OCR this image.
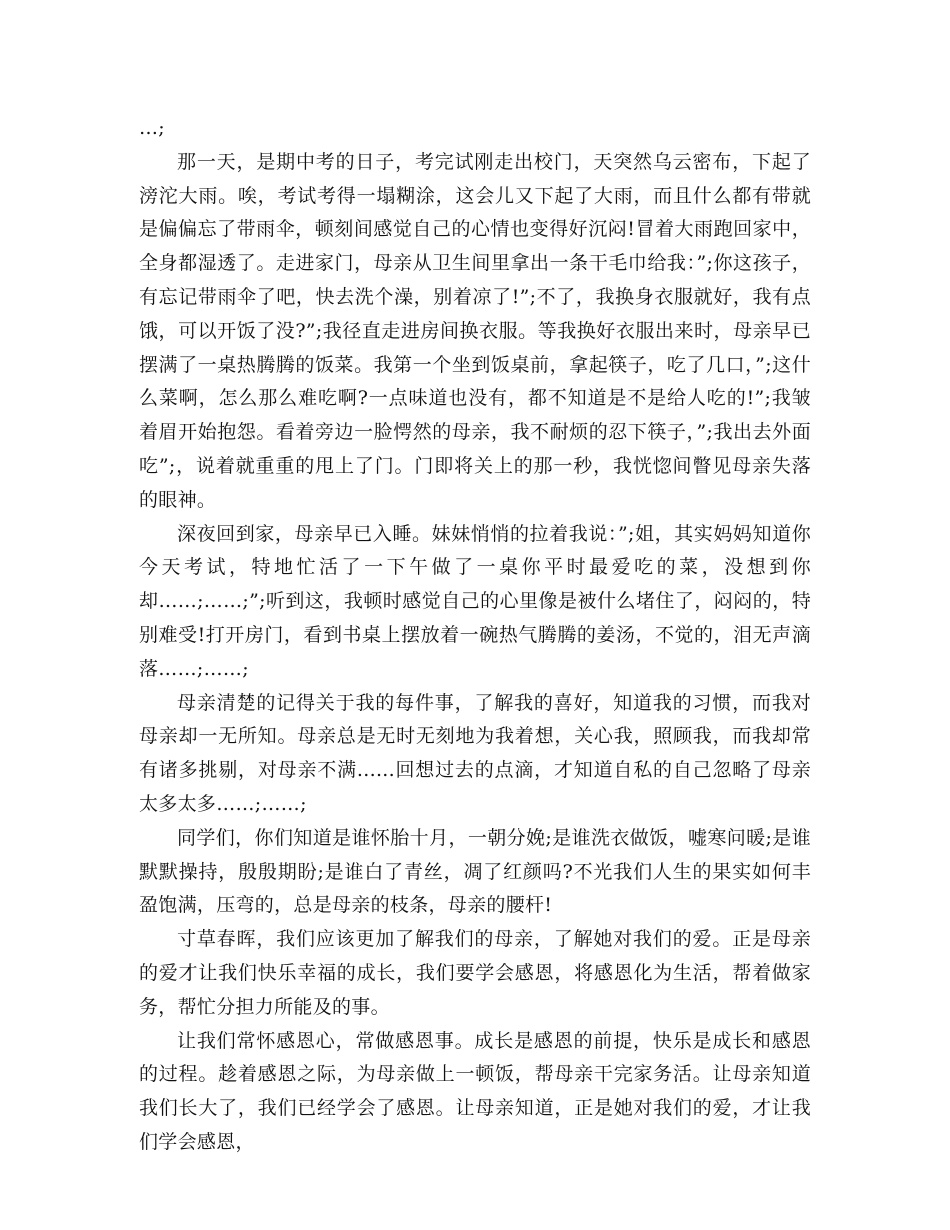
…;

那一天，是期中考的日子，考完试刚走出校门，天突然乌云密布，下起了滂沱大雨。唉，考试考得一塌糊涂，这会儿又下起了大雨，而且什么都有带就是偏偏忘了带雨伞，顿刻间感觉自己的心情也变得好沉闷!冒着大雨跑回家中，全身都湿透了。走进家门，母亲从卫生间里拿出一条干毛巾给我：”;你这孩子，有忘记带雨伞了吧，快去洗个澡，别着凉了!”;不了，我换身衣服就好，我有点饿，可以开饭了没?”;我径直走进房间换衣服。等我换好衣服出来时，母亲早已摆满了一桌热腾腾的饭菜。我第一个坐到饭桌前，拿起筷子，吃了几口，”;这什么菜啊，怎么那么难吃啊?一点味道也没有，都不知道是不是给人吃的!”;我皱着眉开始抱怨。看着旁边一脸愕然的母亲，我不耐烦的忍下筷子，”;我出去外面吃”;，说着就重重的甩上了门。门即将关上的那一秒，我恍惚间瞥见母亲失落的眼神。

深夜回到家，母亲早已入睡。妹妹悄悄的拉着我说：”;姐，其实妈妈知道你今天考试，特地忙活了一下午做了一桌你平时最爱吃的菜，没想到你却……;……;”;听到这，我顿时感觉自己的心里像是被什么堵住了，闷闷的，特别难受!打开房门，看到书桌上摆放着一碗热气腾腾的姜汤，不觉的，泪无声滴落……;……;

母亲清楚的记得关于我的每件事，了解我的喜好，知道我的习惯，而我对母亲却一无所知。母亲总是无时无刻地为我着想，关心我，照顾我，而我却常有诸多挑剔，对母亲不满......回想过去的点滴，才知道自私的自己忽略了母亲太多太多……;……;

同学们，你们知道是谁怀胎十月，一朝分娩;是谁洗衣做饭，嘘寒问暖;是谁默默操持，殷殷期盼;是谁白了青丝，凋了红颜吗?不光我们人生的果实如何丰盈饱满，压弯的，总是母亲的枝条，母亲的腰杆!

寸草春晖，我们应该更加了解我们的母亲，了解她对我们的爱。正是母亲的爱才让我们快乐幸福的成长，我们要学会感恩，将感恩化为生活，帮着做家务，帮忙分担力所能及的事。

让我们常怀感恩心，常做感恩事。成长是感恩的前提，快乐是成长和感恩的过程。趁着感恩之际，为母亲做上一顿饭，帮母亲干完家务活。让母亲知道我们长大了，我们已经学会了感恩。让母亲知道，正是她对我们的爱，才让我们学会感恩，
